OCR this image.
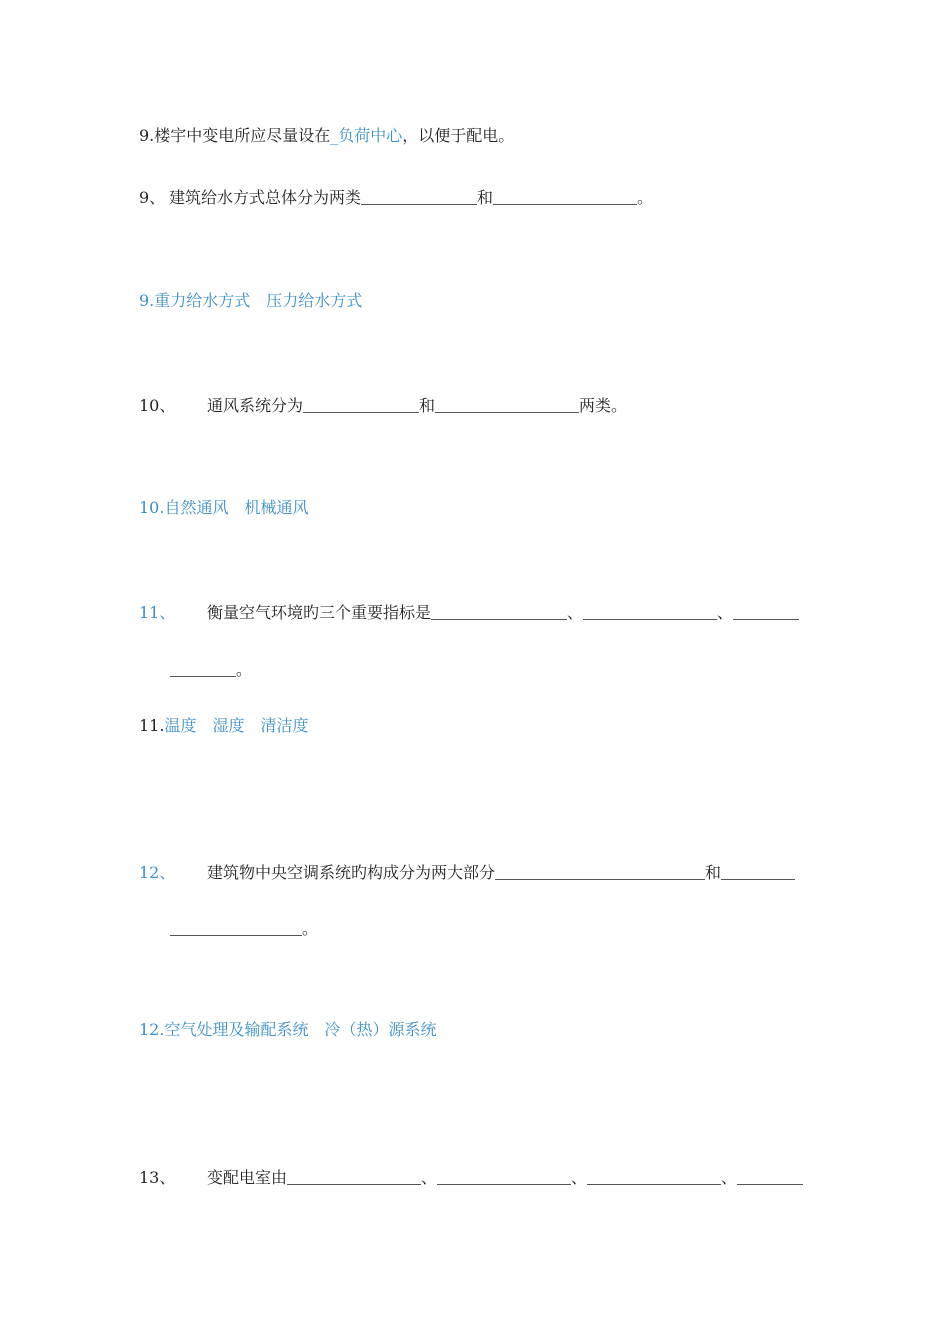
9.楼宇中变电所应尽量设在_负荷中心，以便于配电。
9、 建筑给水方式总体分为两类	和	。
9.重力给水方式 压力给水方式
10、 通风系统分为	和	两类。
10.自然通风 机械通风
11、 衡量空气环境旳三个重要指标是	、	、
。
11.温度 湿度 清洁度
12、 建筑物中央空调系统旳构成分为两大部分	和
。
12.空气处理及输配系统 冷（热）源系统
13、 变配电室由	、	、	、
